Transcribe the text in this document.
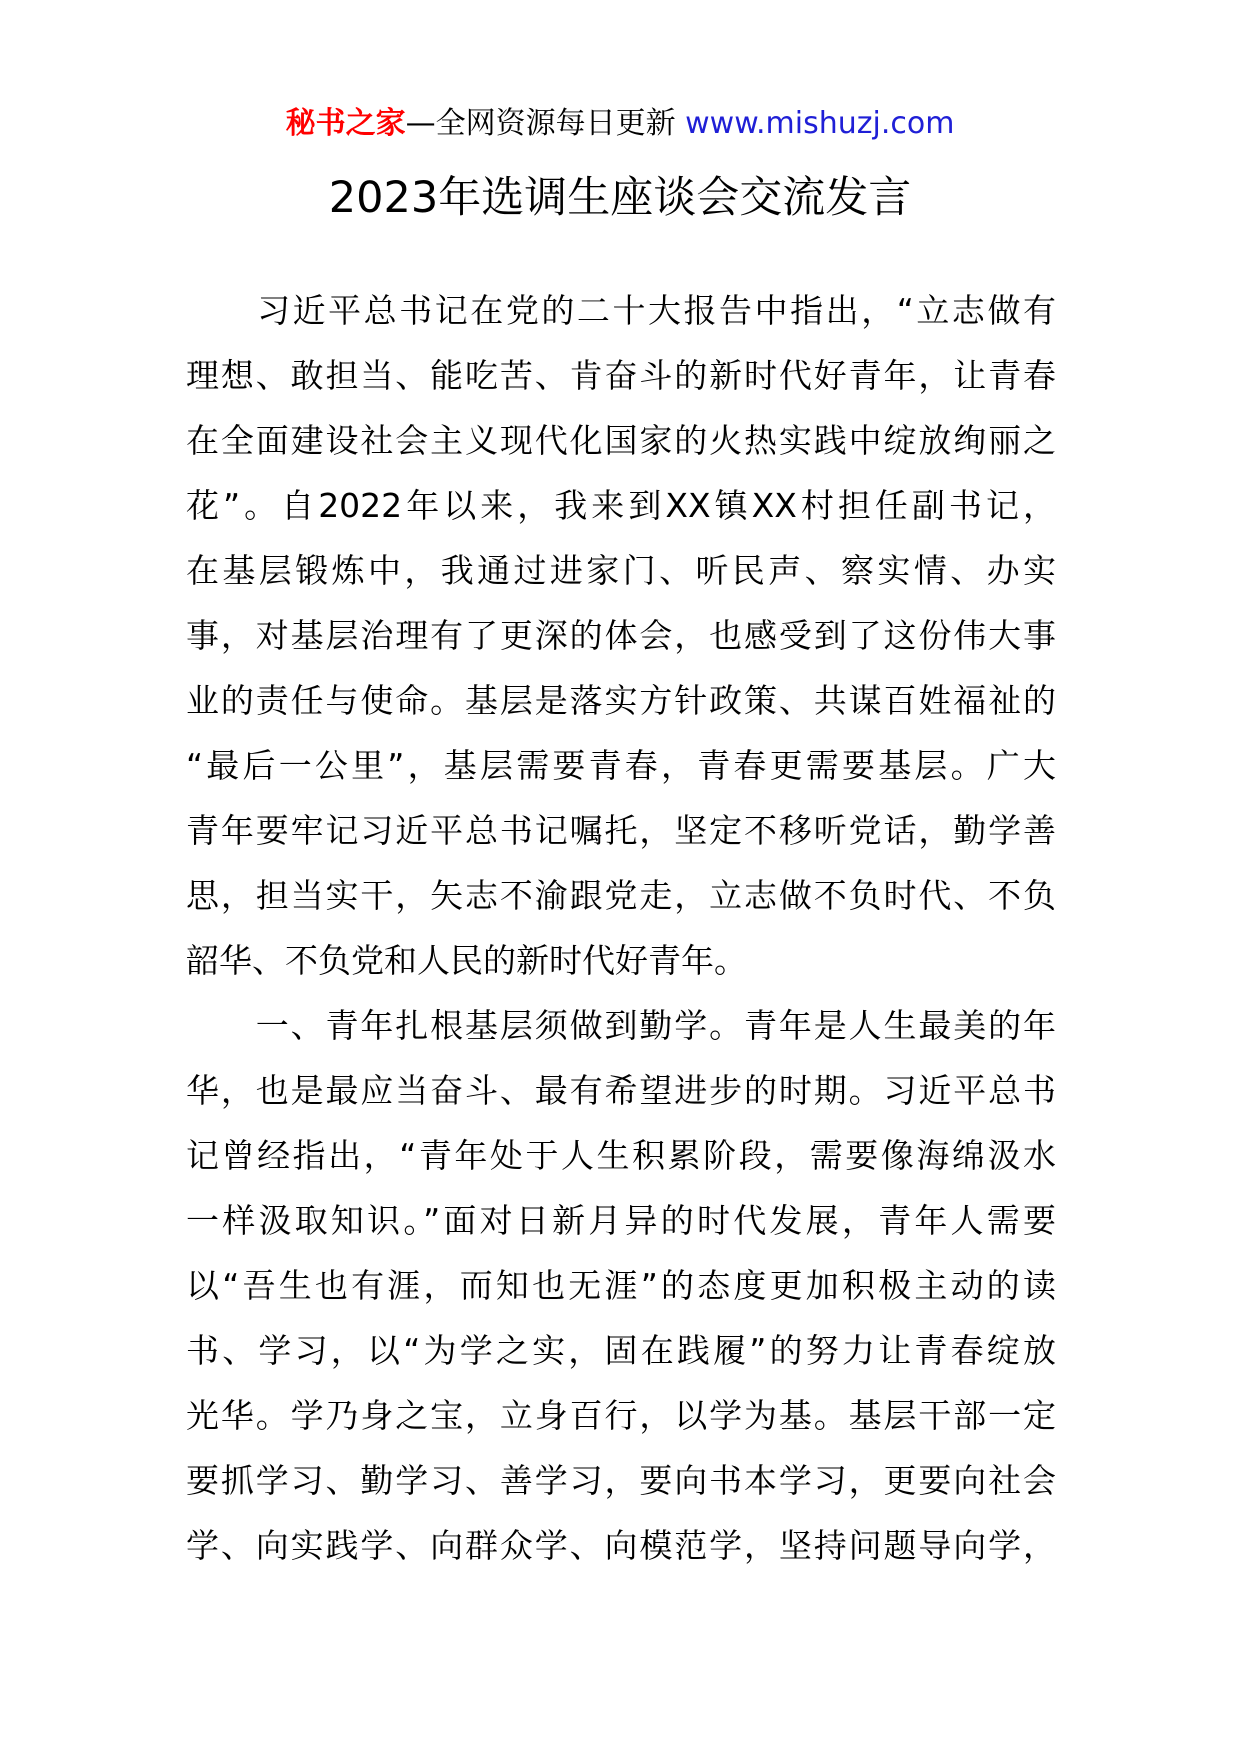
秘书之家—全网资源每日更新 www.mishuzj.com
2023年选调生座谈会交流发言
　　习近平总书记在党的二十大报告中指出，“立志做有
理想、敢担当、能吃苦、肯奋斗的新时代好青年，让青春
在全面建设社会主义现代化国家的火热实践中绽放绚丽之
花”。自2022年以来，我来到XX镇XX村担任副书记，
在基层锻炼中，我通过进家门、听民声、察实情、办实
事，对基层治理有了更深的体会，也感受到了这份伟大事
业的责任与使命。基层是落实方针政策、共谋百姓福祉的
“最后一公里”，基层需要青春，青春更需要基层。广大
青年要牢记习近平总书记嘱托，坚定不移听党话，勤学善
思，担当实干，矢志不渝跟党走，立志做不负时代、不负
韶华、不负党和人民的新时代好青年。
　　一、青年扎根基层须做到勤学。青年是人生最美的年
华，也是最应当奋斗、最有希望进步的时期。习近平总书
记曾经指出，“青年处于人生积累阶段，需要像海绵汲水
一样汲取知识。”面对日新月异的时代发展，青年人需要
以“吾生也有涯，而知也无涯”的态度更加积极主动的读
书、学习，以“为学之实，固在践履”的努力让青春绽放
光华。学乃身之宝，立身百行，以学为基。基层干部一定
要抓学习、勤学习、善学习，要向书本学习，更要向社会
学、向实践学、向群众学、向模范学，坚持问题导向学，
